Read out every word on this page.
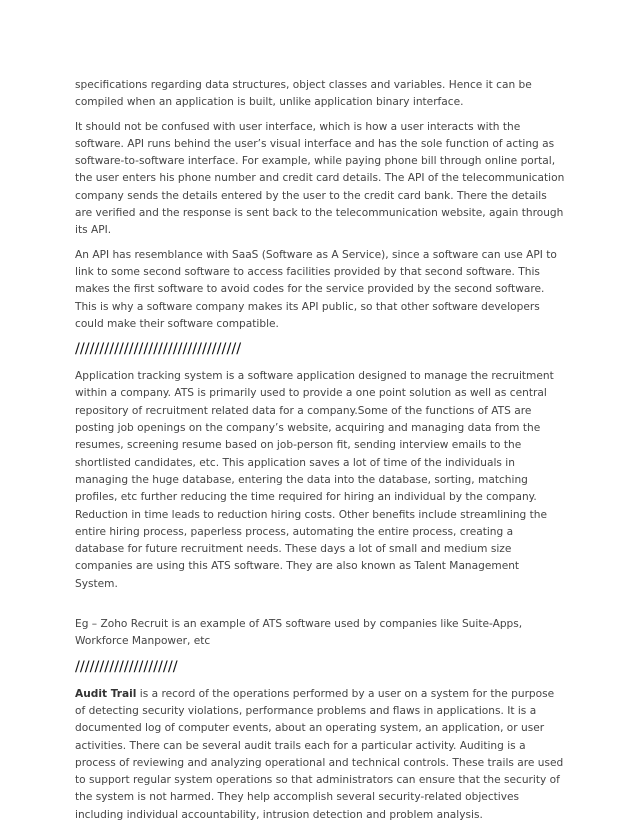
specifications regarding data structures, object classes and variables. Hence it can be compiled when an application is built, unlike application binary interface.

It should not be confused with user interface, which is how a user interacts with the software. API runs behind the user’s visual interface and has the sole function of acting as software-to-software interface. For example, while paying phone bill through online portal, the user enters his phone number and credit card details. The API of the telecommunication company sends the details entered by the user to the credit card bank. There the details are verified and the response is sent back to the telecommunication website, again through its API.

An API has resemblance with SaaS (Software as A Service), since a software can use API to link to some second software to access facilities provided by that second software. This makes the first software to avoid codes for the service provided by the second software. This is why a software company makes its API public, so that other software developers could make their software compatible.

//////////////////////////////////

Application tracking system is a software application designed to manage the recruitment within a company. ATS is primarily used to provide a one point solution as well as central repository of recruitment related data for a company.Some of the functions of ATS are posting job openings on the company’s website, acquiring and managing data from the resumes, screening resume based on job-person fit, sending interview emails to the shortlisted candidates, etc. This application saves a lot of time of the individuals in managing the huge database, entering the data into the database, sorting, matching profiles, etc further reducing the time required for hiring an individual by the company. Reduction in time leads to reduction hiring costs. Other benefits include streamlining the entire hiring process, paperless process, automating the entire process, creating a database for future recruitment needs. These days a lot of small and medium size companies are using this ATS software. They are also known as Talent Management System.

Eg – Zoho Recruit is an example of ATS software used by companies like Suite-Apps, Workforce Manpower, etc

/////////////////////

Audit Trail is a record of the operations performed by a user on a system for the purpose of detecting security violations, performance problems and flaws in applications. It is a documented log of computer events, about an operating system, an application, or user activities. There can be several audit trails each for a particular activity. Auditing is a process of reviewing and analyzing operational and technical controls. These trails are used to support regular system operations so that administrators can ensure that the security of the system is not harmed. They help accomplish several security-related objectives including individual accountability, intrusion detection and problem analysis.
